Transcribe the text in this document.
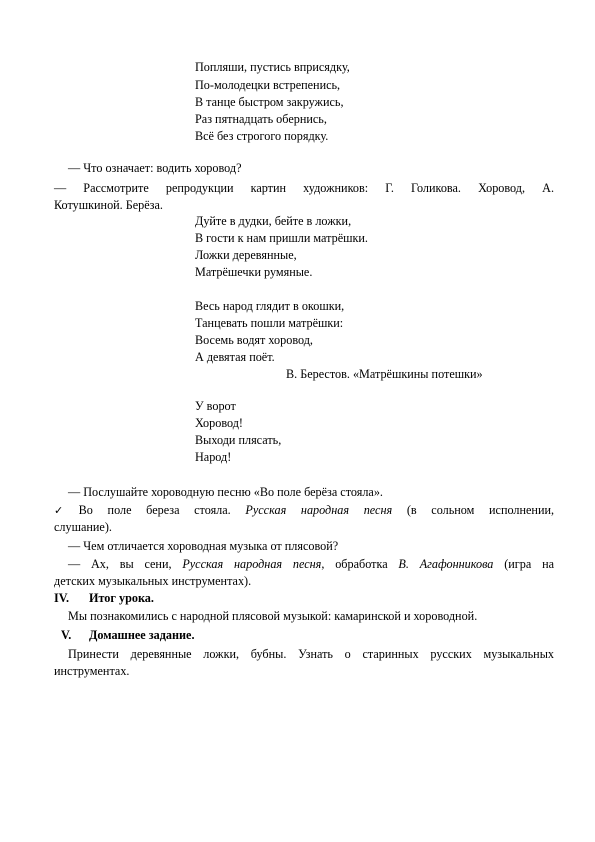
Попляши, пустись вприсядку,
По-молодецки встрепенись,
В танце быстром закружись,
Раз пятнадцать обернись,
Всё без строгого порядку.
— Что означает: водить хоровод?
— Рассмотрите репродукции картин художников: Г. Голикова. Хоровод, А.
Котушкиной. Берёза.
Дуйте в дудки, бейте в ложки,
В гости к нам пришли матрёшки.
Ложки деревянные,
Матрёшечки румяные.
Весь народ глядит в окошки,
Танцевать пошли матрёшки:
Восемь водят хоровод,
А девятая поёт.
В. Берестов. «Матрёшкины потешки»
У ворот
Хоровод!
Выходи плясать,
Народ!
— Послушайте хороводную песню «Во поле берёза стояла».
✓ Во поле береза стояла. Русская народная песня (в сольном исполнении,
слушание).
— Чем отличается хороводная музыка от плясовой?
— Ах, вы сени, Русская народная песня, обработка В. Агафонникова (игра на
детских музыкальных инструментах).
IV. Итог урока.
Мы познакомились с народной плясовой музыкой: камаринской и хороводной.
V. Домашнее задание.
Принести деревянные ложки, бубны. Узнать о старинных русских музыкальных
инструментах.
